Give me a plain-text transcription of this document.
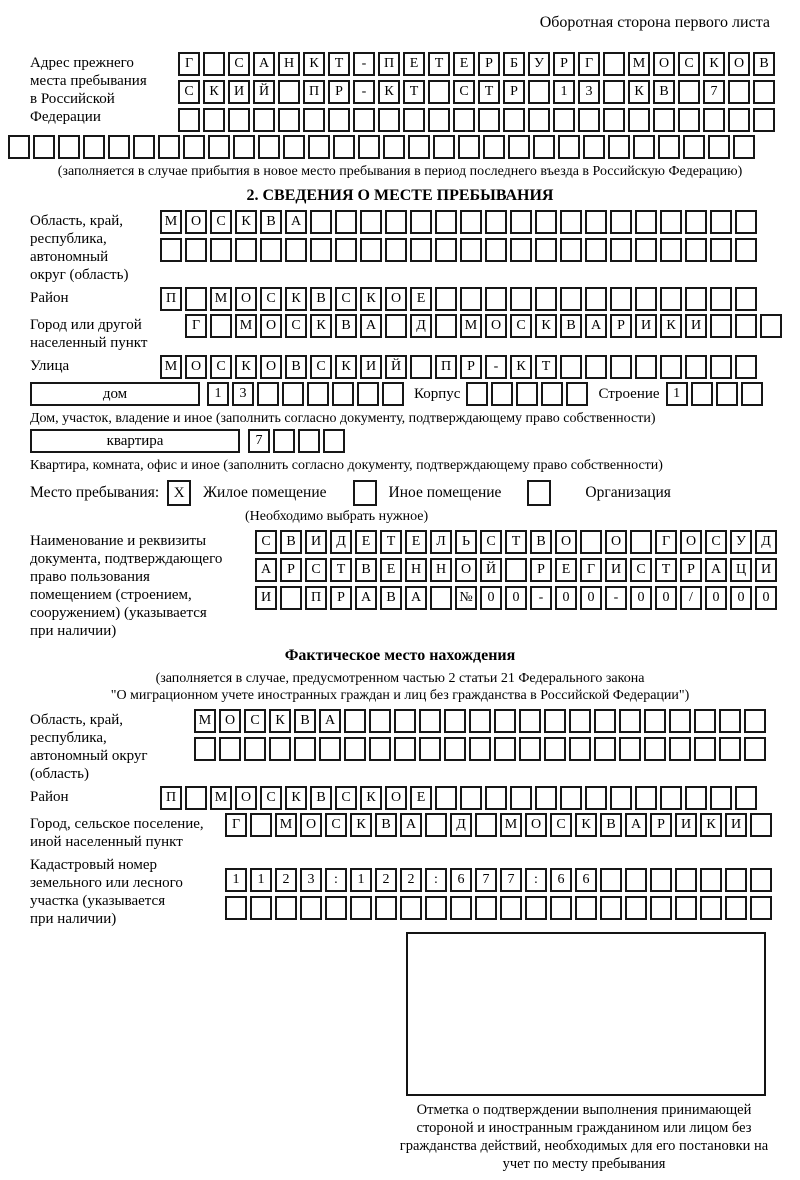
Оборотная сторона первого листа
Адрес прежнего
места пребывания
в Российской
Федерации
Г	С	А	Н	К	Т	-	П	Е	Т	Е	Р	Б	У	Р	Г	М О	С	К	О	В
С	К	И	Й	П	Р	-	К	Т	С	Т	Р	1	3	К	В	7
(заполняется в случае прибытия в новое место пребывания в период последнего въезда в Российскую Федерацию)
2. СВЕДЕНИЯ О МЕСТЕ ПРЕБЫВАНИЯ
Область, край,
республика,
автономный
округ (область)
М О	С	К	В	А
Район	П	М О	С	К	В	С	К	О	Е
Город или другой
населенный пункт
Г	М О	С	К	В	А	Д	М О	С	К	В	А	Р	И	К	И
Улица	М О	С	К	О	В	С	К	И	Й	П	Р	-	К	Т
дом	1	3	Корпус	Строение 1
Дом, участок, владение и иное (заполнить согласно документу, подтверждающему право собственности)
квартира	7
Квартира, комната, офис и иное (заполнить согласно документу, подтверждающему право собственности)
Место пребывания: X	Жилое помещение	Иное помещение	Организация
(Необходимо выбрать нужное)
Наименование и реквизиты
документа, подтверждающего
право пользования
помещением (строением,
сооружением) (указывается
при наличии)
С	В	И	Д	Е	Т	Е	Л	Ь	С	Т	В	О	О	Г	О	С	У	Д
А	Р	С	Т	В	Е	Н	Н	О	Й	Р	Е	Г	И	С	Т	Р	А	Ц	И
И	П	Р	А	В	А	№	0	0	-	0	0	-	0	0	/	0	0	0
Фактическое место нахождения
(заполняется в случае, предусмотренном частью 2 статьи 21 Федерального закона
"О миграционном учете иностранных граждан и лиц без гражданства в Российской Федерации")
Область, край,
республика,
автономный округ
(область)
М О	С	К	В	А
Район	П	М О	С	К	В	С	К	О	Е
Город, сельское поселение,
иной населенный пункт
Г	М О	С	К	В	А	Д	М О	С	К	В	А	Р	И	К	И
Кадастровый номер
земельного или лесного
участка (указывается
при наличии)
1	1	2	3	:	1	2	2	:	6	7	7	:	6	6
Отметка о подтверждении выполнения принимающей стороной и иностранным гражданином или лицом без гражданства действий, необходимых для его постановки на учет по месту пребывания
